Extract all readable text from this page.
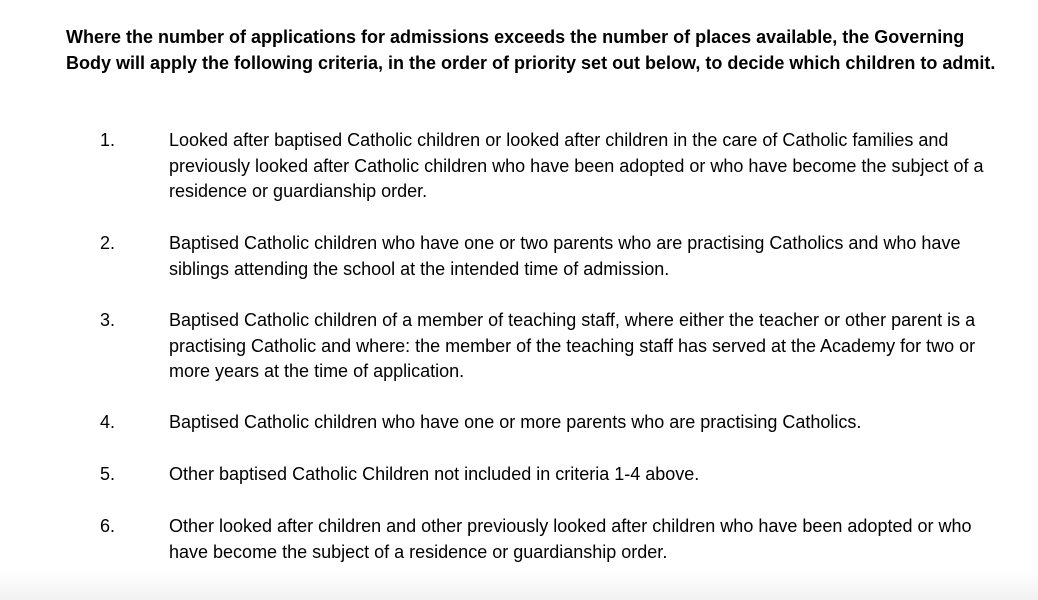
Where the number of applications for admissions exceeds the number of places available, the Governing Body will apply the following criteria, in the order of priority set out below, to decide which children to admit.

1.	Looked after baptised Catholic children or looked after children in the care of Catholic families and previously looked after Catholic children who have been adopted or who have become the subject of a residence or guardianship order.
2.	Baptised Catholic children who have one or two parents who are practising Catholics and who have siblings attending the school at the intended time of admission.
3.	Baptised Catholic children of a member of teaching staff, where either the teacher or other parent is a practising Catholic and where: the member of the teaching staff has served at the Academy for two or more years at the time of application.
4.	Baptised Catholic children who have one or more parents who are practising Catholics.
5.	Other baptised Catholic Children not included in criteria 1-4 above.
6.	Other looked after children and other previously looked after children who have been adopted or who have become the subject of a residence or guardianship order.
